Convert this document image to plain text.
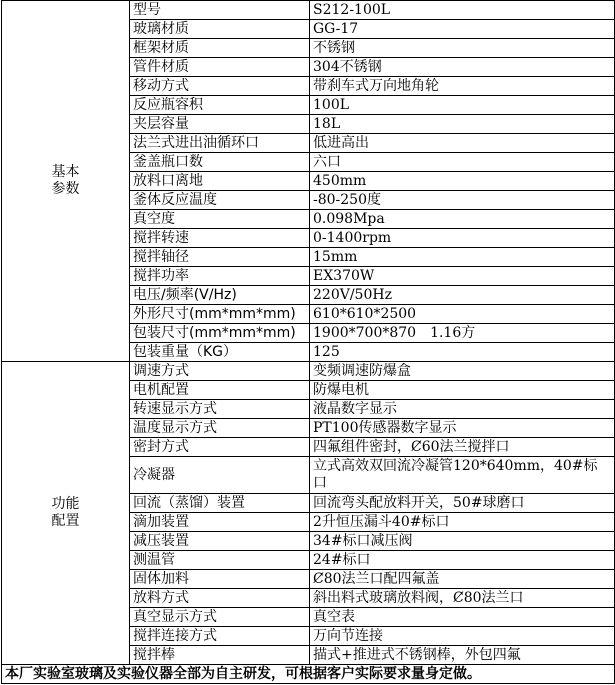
基本参数	型号	S212-100L
	玻璃材质	GG-17
	框架材质	不锈钢
	管件材质	304不锈钢
	移动方式	带刹车式万向地角轮
	反应瓶容积	100L
	夹层容量	18L
	法兰式进出油循环口	低进高出
	釜盖瓶口数	六口
	放料口离地	450mm
	釜体反应温度	-80-250度
	真空度	0.098Mpa
	搅拌转速	0-1400rpm
	搅拌轴径	15mm
	搅拌功率	EX370W
	电压/频率(V/Hz)	220V/50Hz
	外形尺寸(mm*mm*mm)	610*610*2500
	包装尺寸(mm*mm*mm)	1900*700*870　1.16方
	包装重量（KG）	125
功能配置	调速方式	变频调速防爆盒
	电机配置	防爆电机
	转速显示方式	液晶数字显示
	温度显示方式	PT100传感器数字显示
	密封方式	四氟组件密封，Ȼ60法兰搅拌口
	冷凝器	立式高效双回流冷凝管120*640mm，40#标口
	回流（蒸馏）装置	回流弯头配放料开关，50#球磨口
	滴加装置	2升恒压漏斗40#标口
	减压装置	34#标口减压阀
	测温管	24#标口
	固体加料	Ȼ80法兰口配四氟盖
	放料方式	斜出料式玻璃放料阀，Ȼ80法兰口
	真空显示方式	真空表
	搅拌连接方式	万向节连接
	搅拌棒	描式+推进式不锈钢棒，外包四氟
本厂实验室玻璃及实验仪器全部为自主研发，可根据客户实际要求量身定做。		
